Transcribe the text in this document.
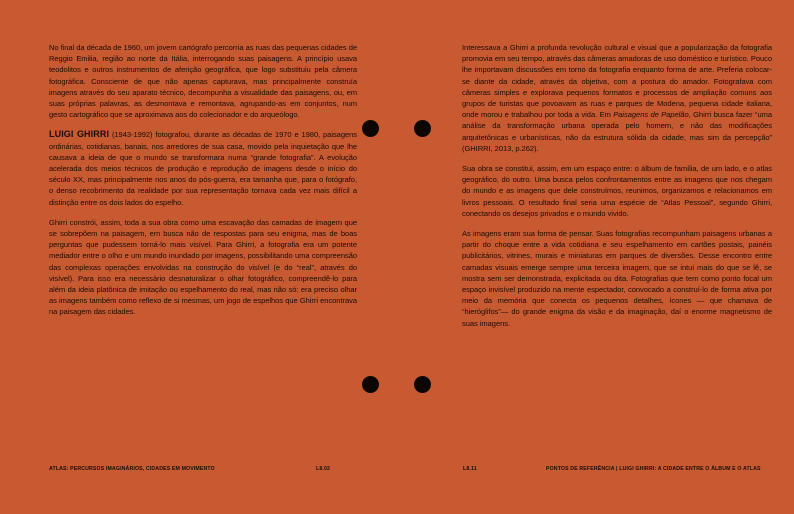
No final da década de 1960, um jovem cartógrafo percorria as ruas das pequenas cidades de Reggio Emilia, região ao norte da Itália, interrogando suas paisagens. A princípio usava teodolitos e outros instrumentos de aferição geográfica, que logo substituiu pela câmera fotográfica. Consciente de que não apenas capturava, mas principalmente construía imagens através do seu aparato técnico, decompunha a visualidade das paisagens, ou, em suas próprias palavras, as desmontava e remontava, agrupando-as em conjuntos, num gesto cartográfico que se aproximava aos do colecionador e do arqueólogo.

LUIGI GHIRRI (1943-1992) fotografou, durante as décadas de 1970 e 1980, paisagens ordinárias, cotidianas, banais, nos arredores de sua casa, movido pela inquietação que lhe causava a ideia de que o mundo se transformara numa “grande fotografia”. A evolução acelerada dos meios técnicos de produção e reprodução de imagens desde o início do século XX, mas principalmente nos anos do pós-guerra, era tamanha que, para o fotógrafo, o denso recobrimento da realidade por sua representação tornava cada vez mais difícil a distinção entre os dois lados do espelho.

Ghirri constrói, assim, toda a sua obra como uma escavação das camadas de imagem que se sobrepõem na paisagem, em busca não de respostas para seu enigma, mas de boas perguntas que pudessem torná-lo mais visível. Para Ghirri, a fotografia era um potente mediador entre o olho e um mundo inundado por imagens, possibilitando uma compreensão das complexas operações envolvidas na construção do visível (e do “real”, através do visível). Para isso era necessário desnaturalizar o olhar fotográfico, compreendê-lo para além da ideia platônica de imitação ou espelhamento do real, mas não só: era preciso olhar as imagens também como reflexo de si mesmas, um jogo de espelhos que Ghirri encontrava na paisagem das cidades.

Interessava a Ghirri a profunda revolução cultural e visual que a popularização da fotografia promovia em seu tempo, através das câmeras amadoras de uso doméstico e turístico. Pouco lhe importavam discussões em torno da fotografia enquanto forma de arte. Preferia colocar-se diante da cidade, através da objetiva, com a postura do amador. Fotografava com câmeras simples e explorava pequenos formatos e processos de ampliação comuns aos grupos de turistas que povoavam as ruas e parques de Modena, pequena cidade italiana, onde morou e trabalhou por toda a vida. Em Paisagens de Papelão, Ghirri busca fazer “uma análise da transformação urbana operada pelo homem, e não das modificações arquitetônicas e urbanísticas, não da estrutura sólida da cidade, mas sim da percepção” (GHIRRI, 2013, p.262).

Sua obra se constitui, assim, em um espaço entre: o álbum de família, de um lado, e o atlas geográfico, do outro. Uma busca pelos confrontamentos entre as imagens que nos chegam do mundo e as imagens que dele construímos, reunimos, organizamos e relacionamos em livros pessoais. O resultado final seria uma espécie de “Atlas Pessoal”, segundo Ghirri, conectando os desejos privados e o mundo vivido.

As imagens eram sua forma de pensar. Suas fotografias recompunham paisagens urbanas a partir do choque entre a vida cotidiana e seu espelhamento em cartões postais, painéis publicitários, vitrines, murais e miniaturas em parques de diversões. Desse encontro entre camadas visuais emerge sempre uma terceira imagem, que se intui mais do que se lê, se mostra sem ser demonstrada, explicitada ou dita. Fotografias que tem como ponto focal um espaço invisível produzido na mente espectador, convocado a construí-lo de forma ativa por meio da memória que conecta os pequenos detalhes, ícones — que chamava de “hieróglifos”— do grande enigma da visão e da imaginação, daí o enorme magnetismo de suas imagens.

ATLAS: PERCURSOS IMAGINÁRIOS, CIDADES EM MOVIMENTO	L8.02	L8.11	PONTOS DE REFERÊNCIA | LUIGI GHIRRI: A CIDADE ENTRE O ÁLBUM E O ATLAS
